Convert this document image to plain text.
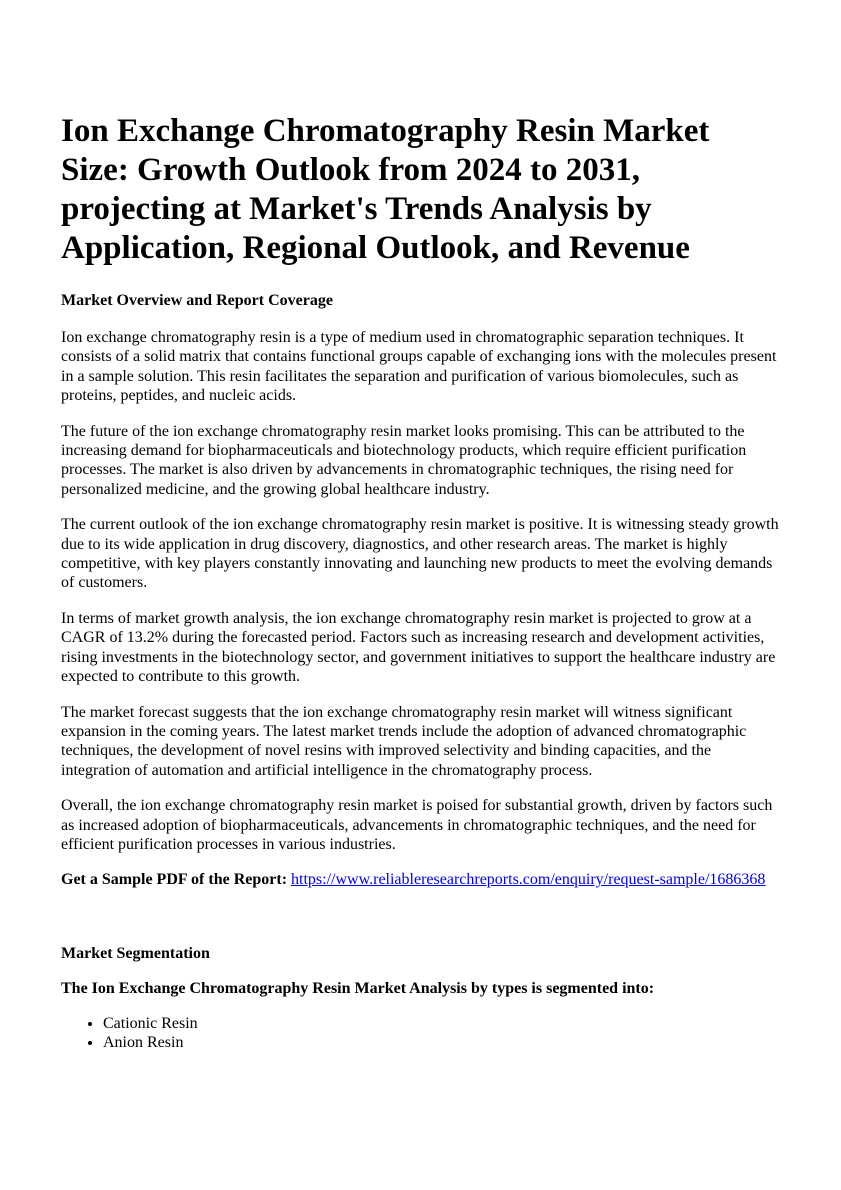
Ion Exchange Chromatography Resin Market Size: Growth Outlook from 2024 to 2031, projecting at Market's Trends Analysis by Application, Regional Outlook, and Revenue
Market Overview and Report Coverage

Ion exchange chromatography resin is a type of medium used in chromatographic separation techniques. It consists of a solid matrix that contains functional groups capable of exchanging ions with the molecules present in a sample solution. This resin facilitates the separation and purification of various biomolecules, such as proteins, peptides, and nucleic acids.

The future of the ion exchange chromatography resin market looks promising. This can be attributed to the increasing demand for biopharmaceuticals and biotechnology products, which require efficient purification processes. The market is also driven by advancements in chromatographic techniques, the rising need for personalized medicine, and the growing global healthcare industry.

The current outlook of the ion exchange chromatography resin market is positive. It is witnessing steady growth due to its wide application in drug discovery, diagnostics, and other research areas. The market is highly competitive, with key players constantly innovating and launching new products to meet the evolving demands of customers.

In terms of market growth analysis, the ion exchange chromatography resin market is projected to grow at a CAGR of 13.2% during the forecasted period. Factors such as increasing research and development activities, rising investments in the biotechnology sector, and government initiatives to support the healthcare industry are expected to contribute to this growth.

The market forecast suggests that the ion exchange chromatography resin market will witness significant expansion in the coming years. The latest market trends include the adoption of advanced chromatographic techniques, the development of novel resins with improved selectivity and binding capacities, and the integration of automation and artificial intelligence in the chromatography process.

Overall, the ion exchange chromatography resin market is poised for substantial growth, driven by factors such as increased adoption of biopharmaceuticals, advancements in chromatographic techniques, and the need for efficient purification processes in various industries.

Get a Sample PDF of the Report: https://www.reliableresearchreports.com/enquiry/request-sample/1686368
Market Segmentation
The Ion Exchange Chromatography Resin Market Analysis by types is segmented into:
• Cationic Resin
• Anion Resin
